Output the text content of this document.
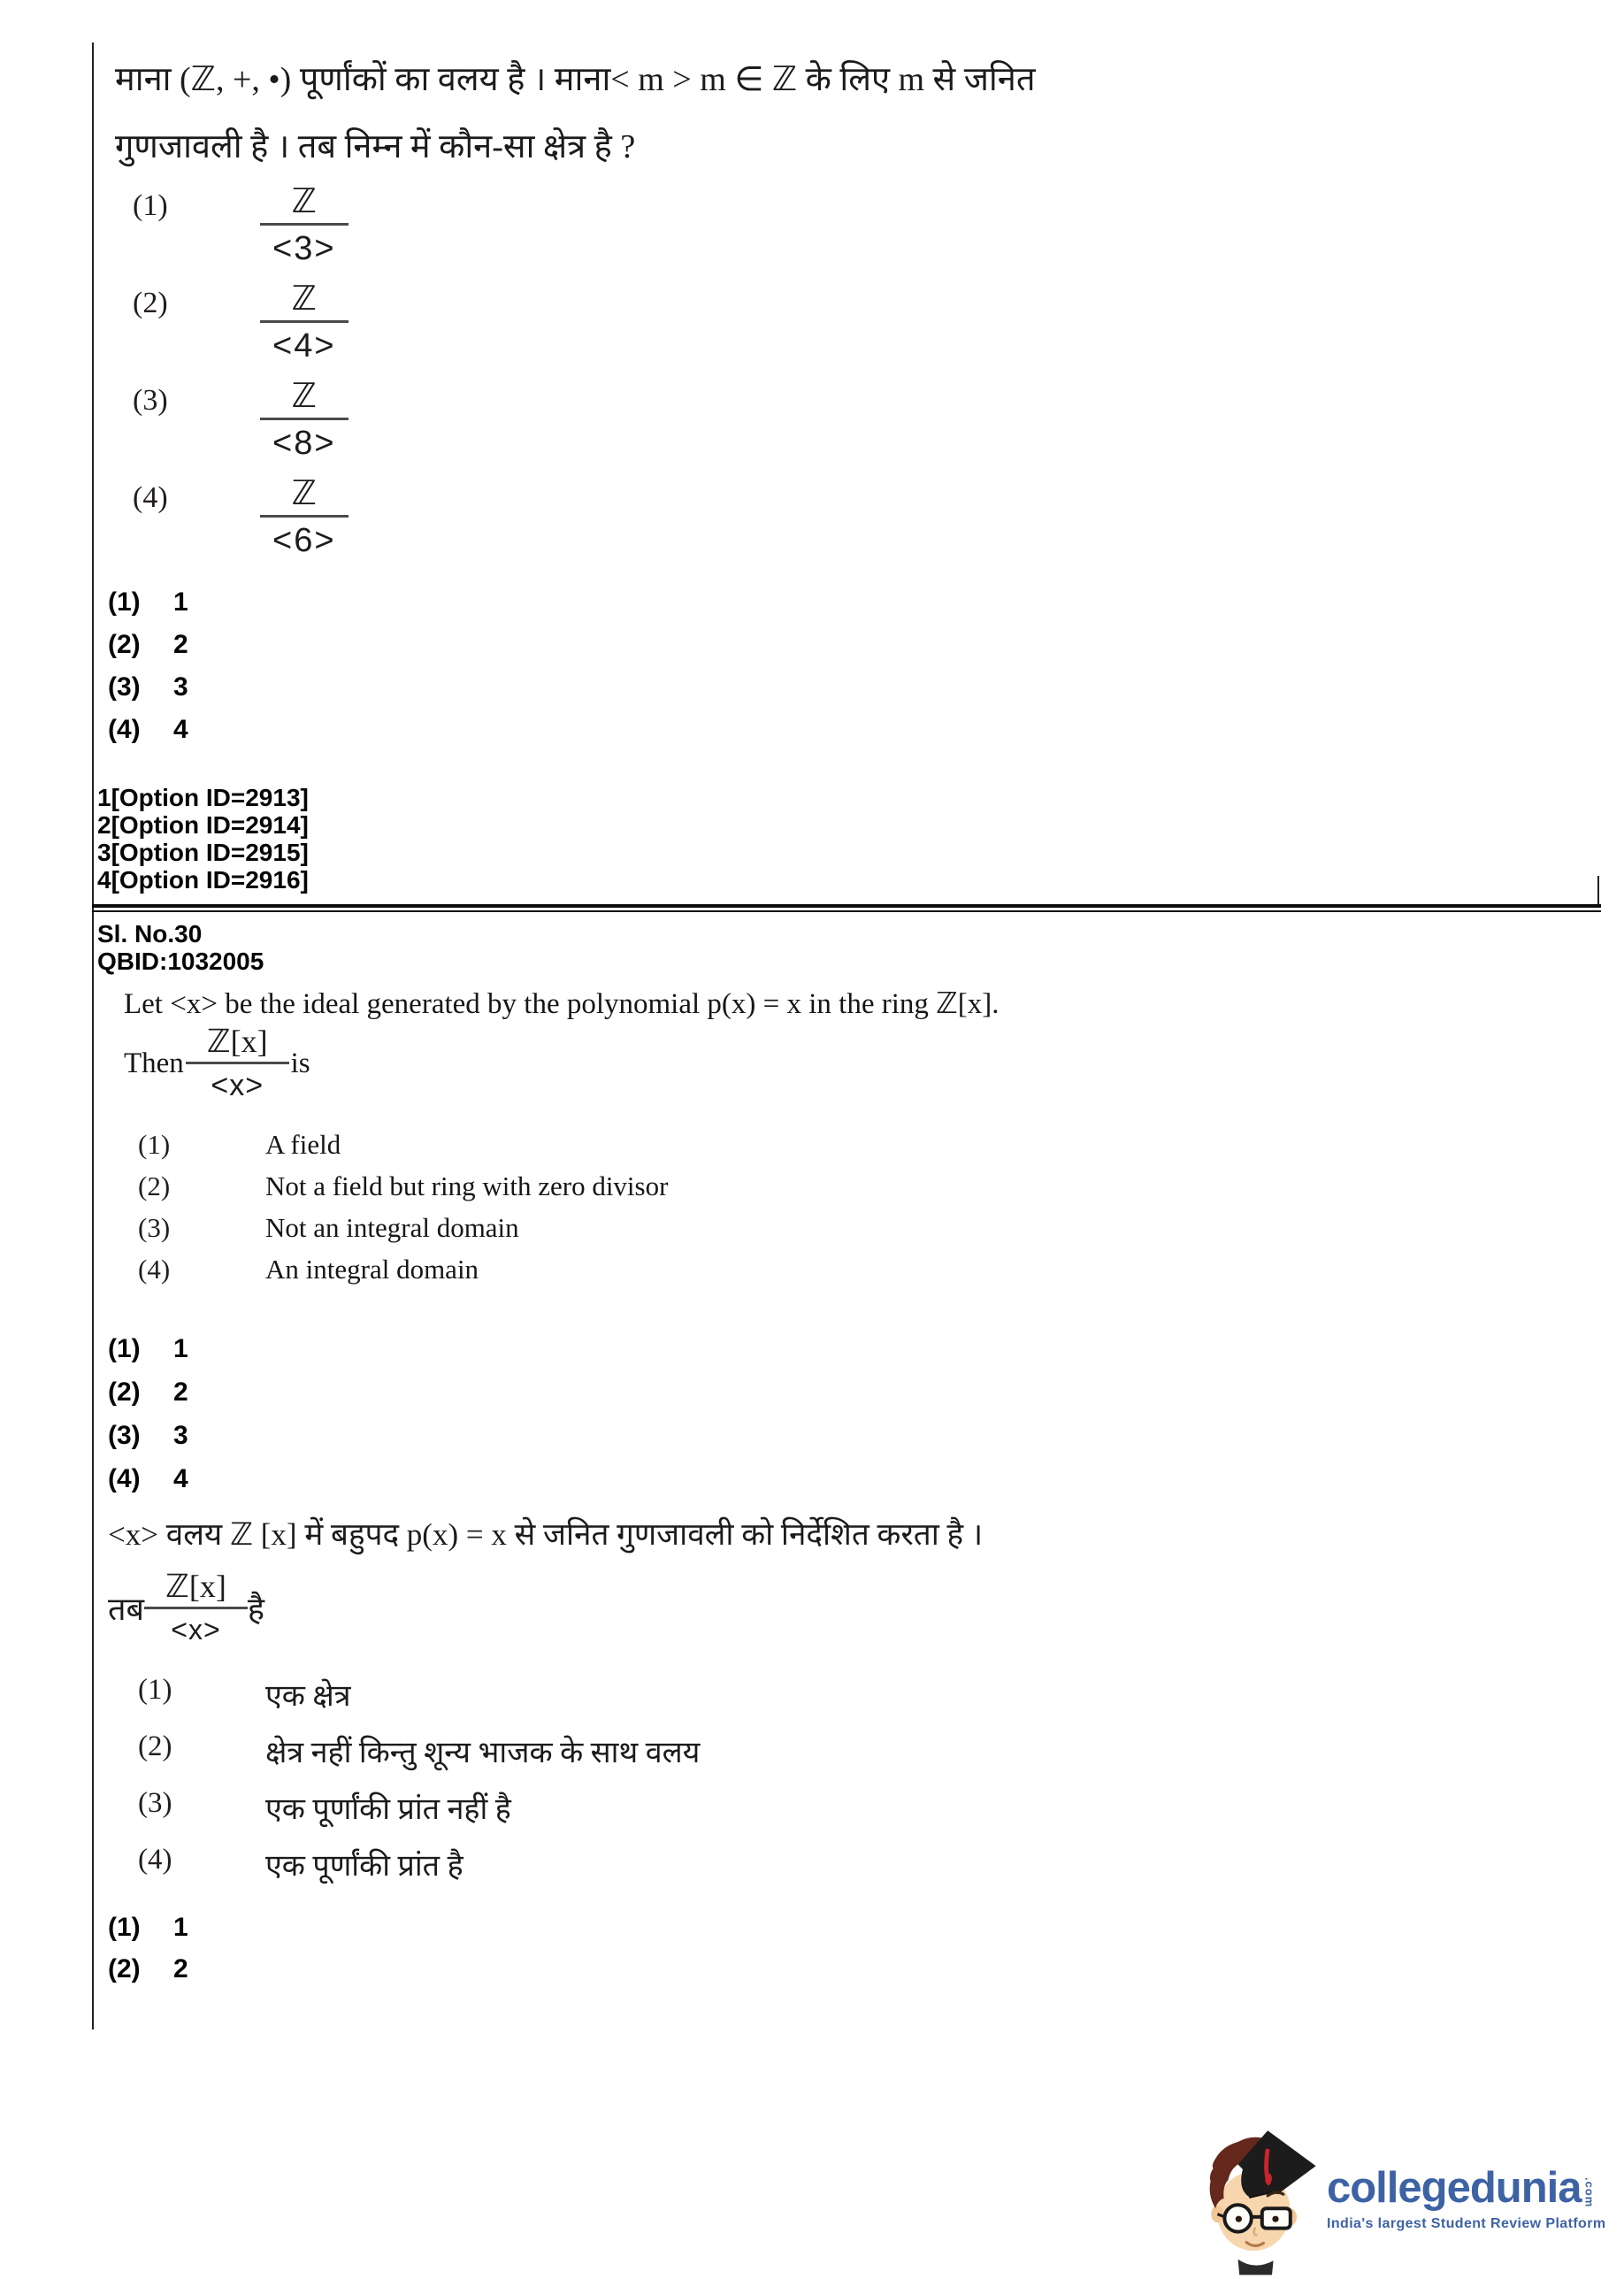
माना (ℤ, +, •) पूर्णांकों का वलय है । माना< m > m ∈ ℤ के लिए m से जनित
गुणजावली है । तब निम्न में कौन-सा क्षेत्र है ?
(1)	$\frac{\text{ℤ}}{<3>}$
(2)	$\frac{\text{ℤ}}{<4>}$
(3)	$\frac{\text{ℤ}}{<8>}$
(4)	$\frac{\text{ℤ}}{<6>}$
(1)	1
(2)	2
(3)	3
(4)	4
1[Option ID=2913]
2[Option ID=2914]
3[Option ID=2915]
4[Option ID=2916]
Sl. No.30
QBID:1032005
Let <x> be the ideal generated by the polynomial p(x) = x in the ring ℤ[x].
Then $\frac{\text{ℤ[x]}}{<x>}$ is
(1)	A field
(2)	Not a field but ring with zero divisor
(3)	Not an integral domain
(4)	An integral domain
(1)	1
(2)	2
(3)	3
(4)	4
<x> वलय ℤ [x] में बहुपद p(x) = x से जनित गुणजावली को निर्देशित करता है ।
तब $\frac{\text{ℤ[x]}}{<x>}$ है
(1)	एक क्षेत्र
(2)	क्षेत्र नहीं किन्तु शून्य भाजक के साथ वलय
(3)	एक पूर्णांकी प्रांत नहीं है
(4)	एक पूर्णांकी प्रांत है
(1)	1
(2)	2
collegedunia .com
India's largest Student Review Platform
